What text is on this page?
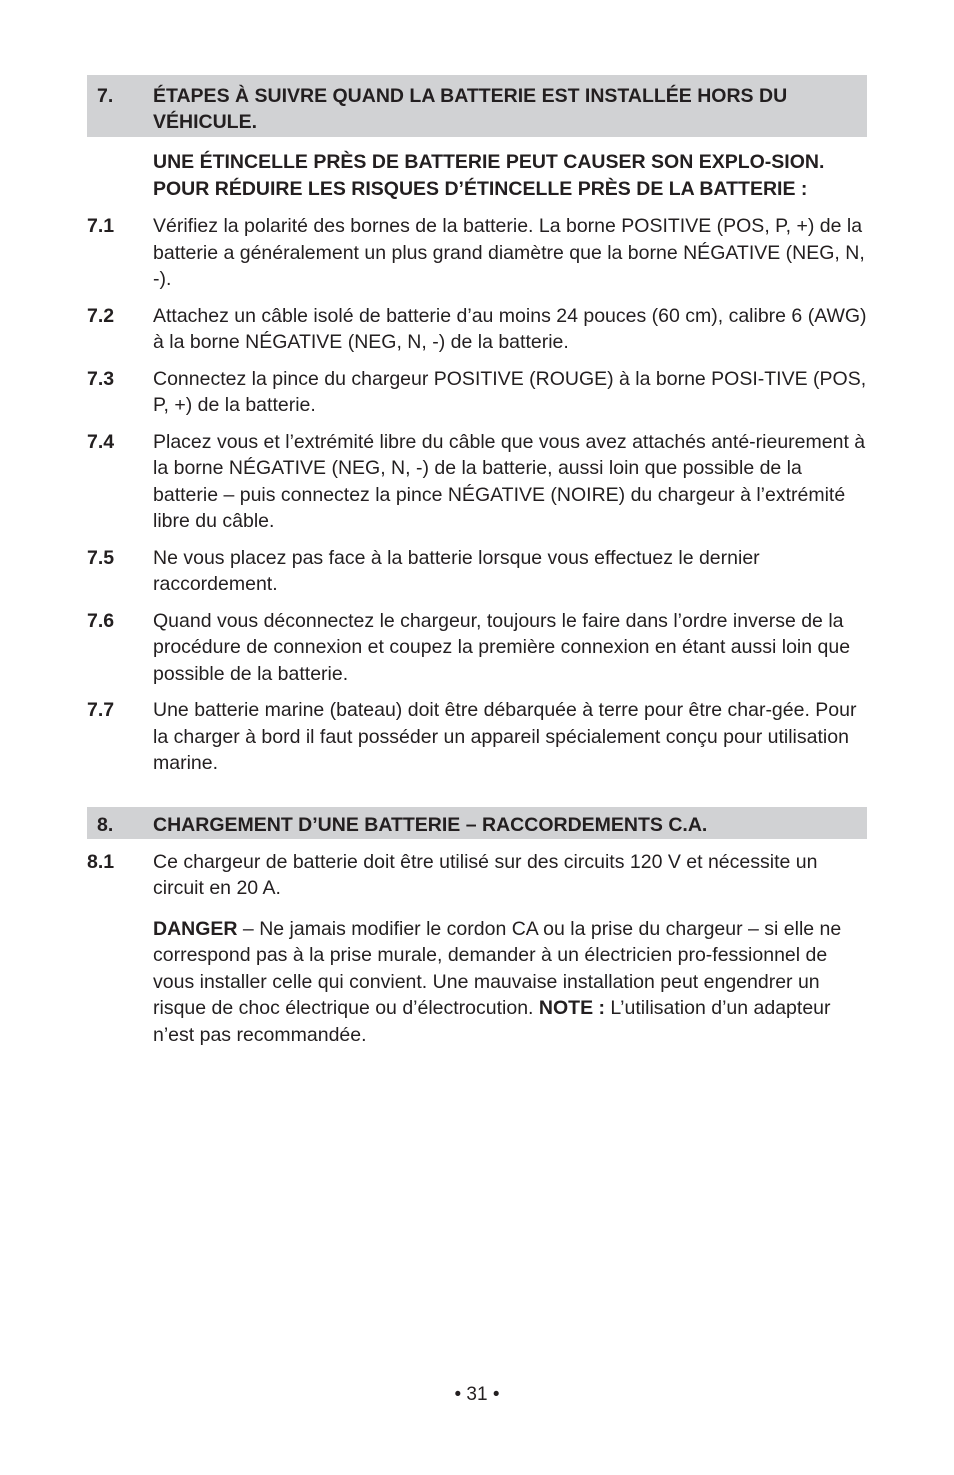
7.	ÉTAPES À SUIVRE QUAND LA BATTERIE EST INSTALLÉE HORS DU VÉHICULE.
UNE ÉTINCELLE PRÈS DE BATTERIE PEUT CAUSER SON EXPLO-SION. POUR RÉDUIRE LES RISQUES D’ÉTINCELLE PRÈS DE LA BATTERIE :
7.1	Vérifiez la polarité des bornes de la batterie. La borne POSITIVE (POS, P, +) de la batterie a généralement un plus grand diamètre que la borne NÉGATIVE (NEG, N, -).
7.2	Attachez un câble isolé de batterie d’au moins 24 pouces (60 cm), calibre 6 (AWG) à la borne NÉGATIVE (NEG, N, -) de la batterie.
7.3	Connectez la pince du chargeur POSITIVE (ROUGE) à la borne POSI-TIVE (POS, P, +) de la batterie.
7.4	Placez vous et l’extrémité libre du câble que vous avez attachés anté-rieurement à la borne NÉGATIVE (NEG, N, -) de la batterie, aussi loin que possible de la batterie – puis connectez la pince NÉGATIVE (NOIRE) du chargeur à l’extrémité libre du câble.
7.5	Ne vous placez pas face à la batterie lorsque vous effectuez le dernier raccordement.
7.6	Quand vous déconnectez le chargeur, toujours le faire dans l’ordre inverse de la procédure de connexion et coupez la première connexion en étant aussi loin que possible de la batterie.
7.7	Une batterie marine (bateau) doit être débarquée à terre pour être char-gée. Pour la charger à bord il faut posséder un appareil spécialement conçu pour utilisation marine.
8.	CHARGEMENT D’UNE BATTERIE – RACCORDEMENTS C.A.
8.1	Ce chargeur de batterie doit être utilisé sur des circuits 120 V et nécessite un circuit en 20 A.
DANGER – Ne jamais modifier le cordon CA ou la prise du chargeur – si elle ne correspond pas à la prise murale, demander à un électricien pro-fessionnel de vous installer celle qui convient. Une mauvaise installation peut engendrer un risque de choc électrique ou d’électrocution. NOTE : L’utilisation d’un adapteur n’est pas recommandée.
• 31 •
